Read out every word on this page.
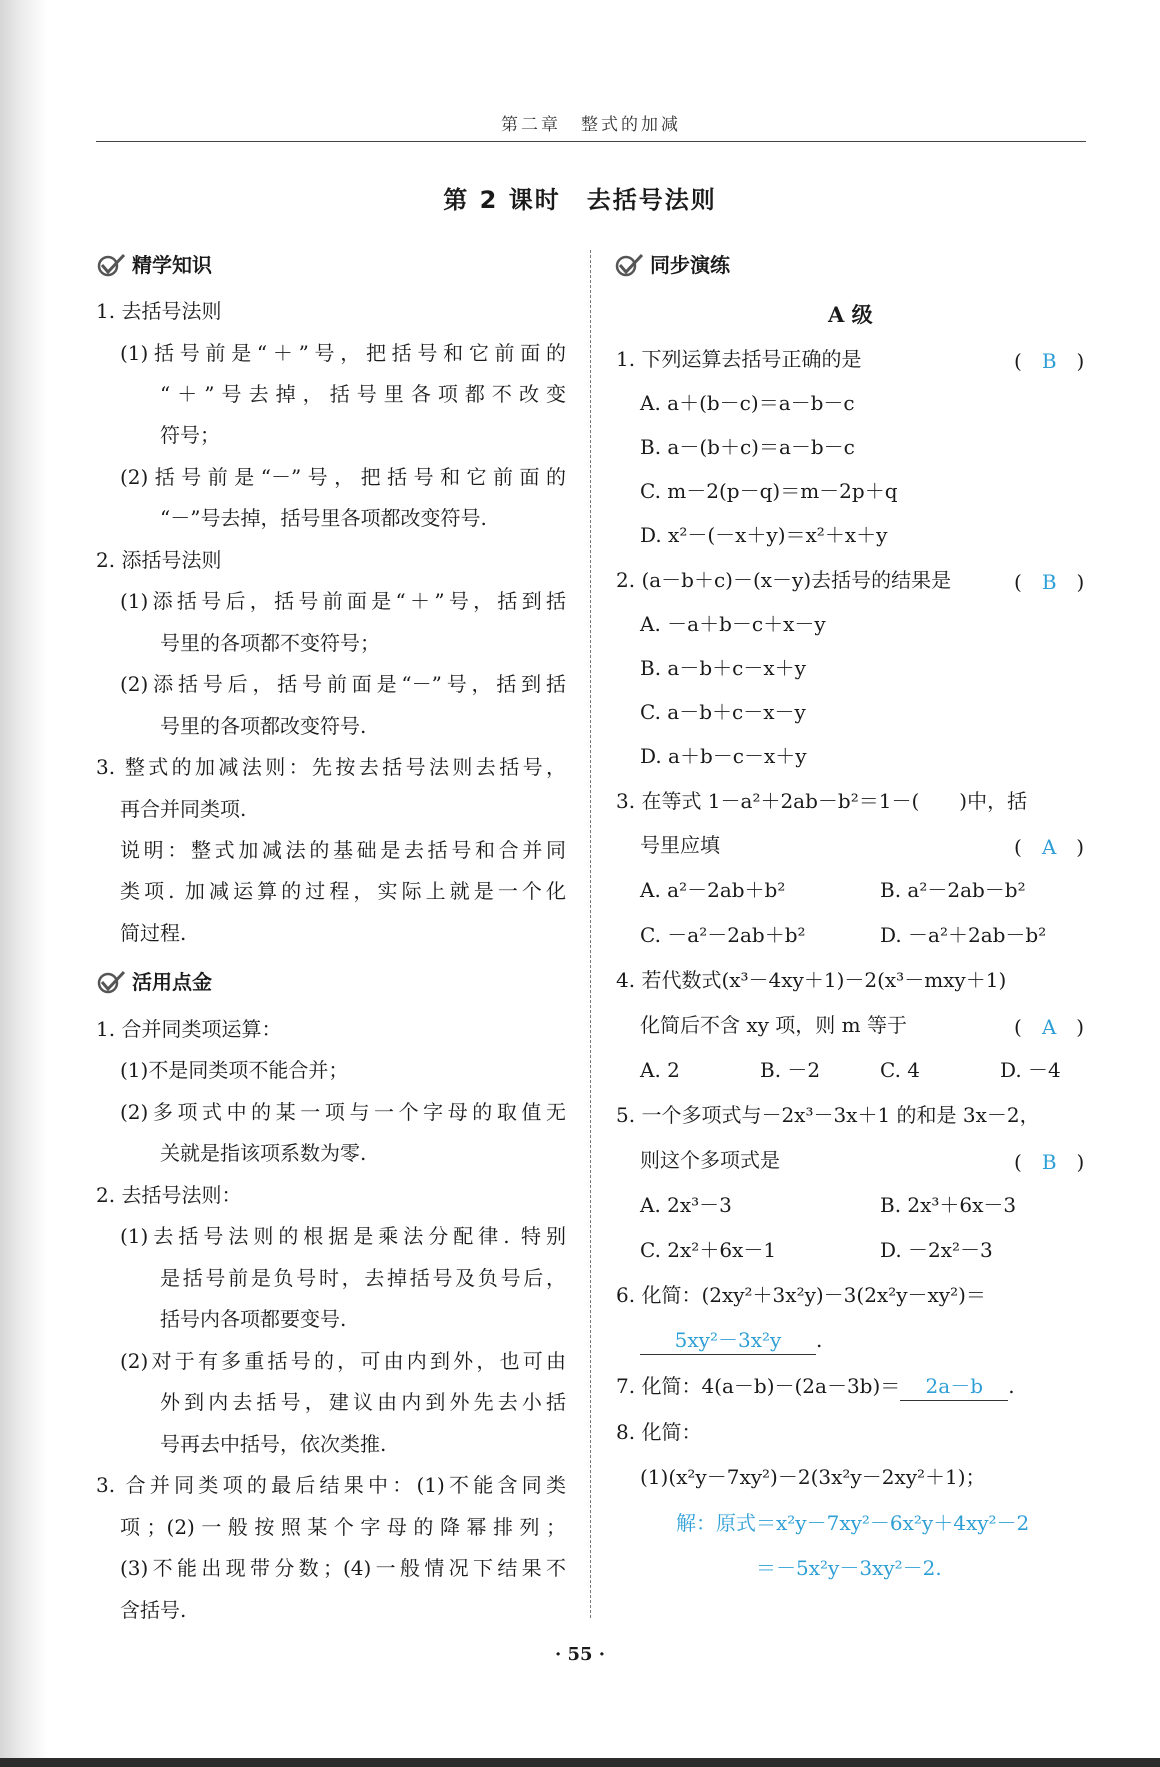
第二章　整式的加减
第 2 课时　去括号法则
精学知识
1. 去括号法则
(1)括号前是“＋”号，把括号和它前面的
“＋”号去掉，括号里各项都不改变
符号；
(2)括号前是“－”号，把括号和它前面的
“－”号去掉，括号里各项都改变符号.
2. 添括号法则
(1)添括号后，括号前面是“＋”号，括到括
号里的各项都不变符号；
(2)添括号后，括号前面是“－”号，括到括
号里的各项都改变符号.
3. 整式的加减法则：先按去括号法则去括号，
再合并同类项.
说明：整式加减法的基础是去括号和合并同
类项. 加减运算的过程，实际上就是一个化
简过程.
活用点金
1. 合并同类项运算：
(1)不是同类项不能合并；
(2)多项式中的某一项与一个字母的取值无
关就是指该项系数为零.
2. 去括号法则：
(1)去括号法则的根据是乘法分配律. 特别
是括号前是负号时，去掉括号及负号后，
括号内各项都要变号.
(2)对于有多重括号的，可由内到外，也可由
外到内去括号，建议由内到外先去小括
号再去中括号，依次类推.
3. 合并同类项的最后结果中：(1)不能含同类
项；(2)一般按照某个字母的降幂排列；
(3)不能出现带分数；(4)一般情况下结果不
含括号.
同步演练
A 级
1. 下列运算去括号正确的是	(　B　)
A. a＋(b－c)＝a－b－c
B. a－(b＋c)＝a－b－c
C. m－2(p－q)＝m－2p＋q
D. x²－(－x＋y)＝x²＋x＋y
2. (a－b＋c)－(x－y)去括号的结果是	(　B　)
A. －a＋b－c＋x－y
B. a－b＋c－x＋y
C. a－b＋c－x－y
D. a＋b－c－x＋y
3. 在等式 1－a²＋2ab－b²＝1－(　　)中，括
号里应填	(　A　)
A. a²－2ab＋b²	B. a²－2ab－b²
C. －a²－2ab＋b²	D. －a²＋2ab－b²
4. 若代数式(x³－4xy＋1)－2(x³－mxy＋1)
化简后不含 xy 项，则 m 等于	(　A　)
A. 2	B. －2	C. 4	D. －4
5. 一个多项式与－2x³－3x＋1 的和是 3x－2，
则这个多项式是	(　B　)
A. 2x³－3	B. 2x³＋6x－3
C. 2x²＋6x－1	D. －2x²－3
6. 化简：(2xy²＋3x²y)－3(2x²y－xy²)＝
5xy²－3x²y .
7. 化简：4(a－b)－(2a－3b)＝ 2a－b .
8. 化简：
(1)(x²y－7xy²)－2(3x²y－2xy²＋1)；
解：原式＝x²y－7xy²－6x²y＋4xy²－2
＝－5x²y－3xy²－2.
· 55 ·
